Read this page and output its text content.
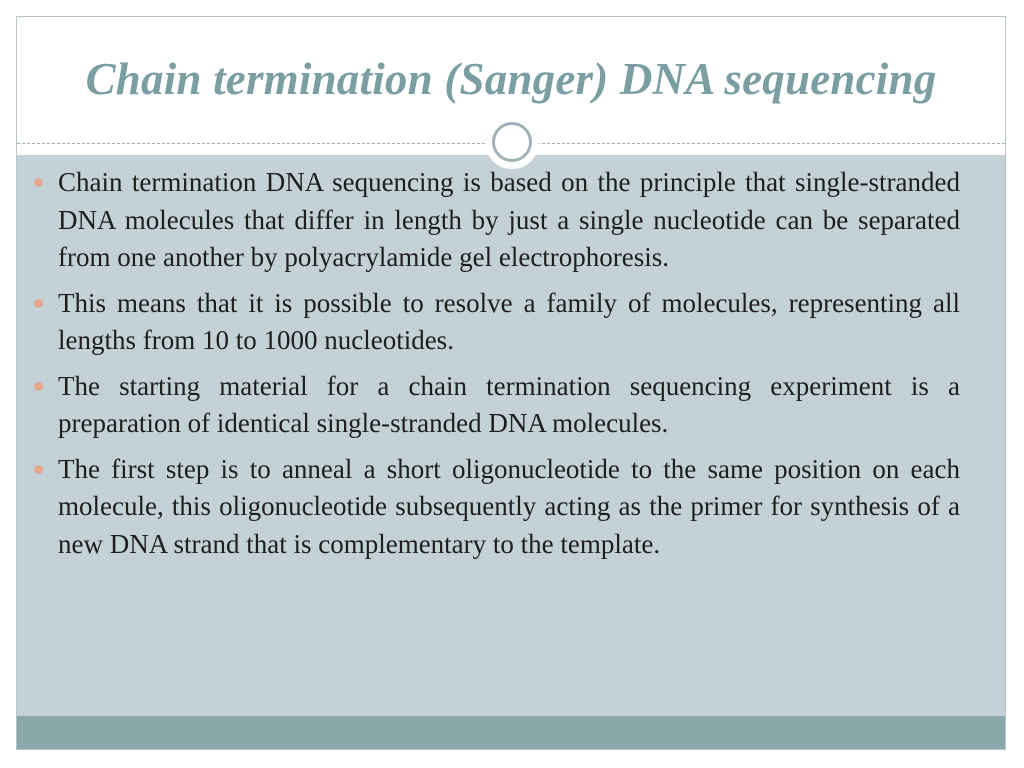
Chain termination (Sanger) DNA sequencing
Chain termination DNA sequencing is based on the principle that single-stranded DNA molecules that differ in length by just a single nucleotide can be separated from one another by polyacrylamide gel electrophoresis.
This means that it is possible to resolve a family of molecules, representing all lengths from 10 to 1000 nucleotides.
The starting material for a chain termination sequencing experiment is a preparation of identical single-stranded DNA molecules.
The first step is to anneal a short oligonucleotide to the same position on each molecule, this oligonucleotide subsequently acting as the primer for synthesis of a new DNA strand that is complementary to the template.
